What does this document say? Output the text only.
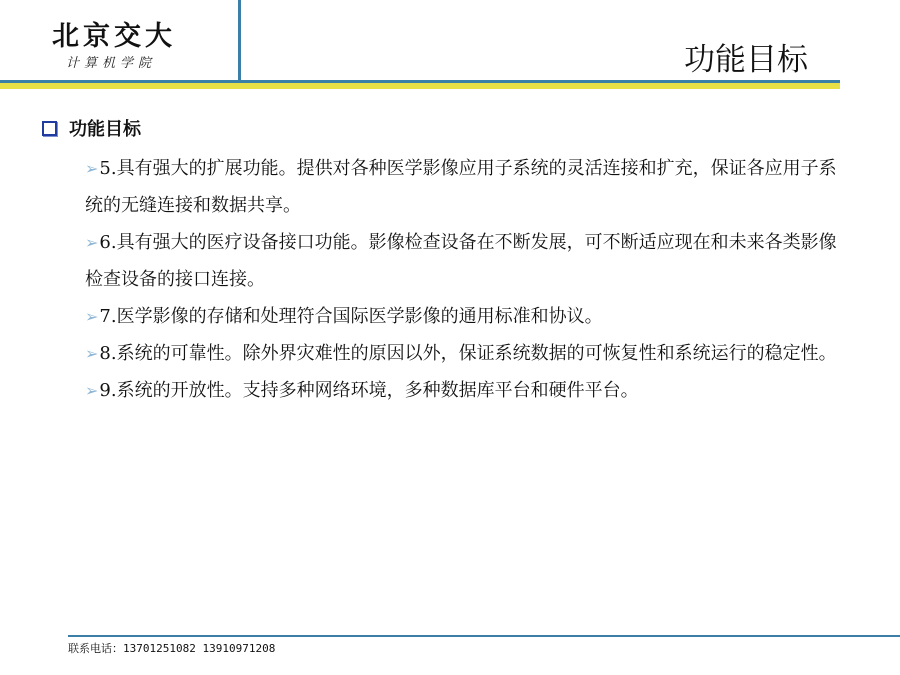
北京交大
计算机学院	功能目标
功能目标
➢5.具有强大的扩展功能。提供对各种医学影像应用子系统的灵活连接和扩充，保证各应用子系统的无缝连接和数据共享。
➢6.具有强大的医疗设备接口功能。影像检查设备在不断发展，可不断适应现在和未来各类影像检查设备的接口连接。
➢7.医学影像的存储和处理符合国际医学影像的通用标准和协议。
➢8.系统的可靠性。除外界灾难性的原因以外，保证系统数据的可恢复性和系统运行的稳定性。
➢9.系统的开放性。支持多种网络环境，多种数据库平台和硬件平台。
联系电话：13701251082 13910971208
